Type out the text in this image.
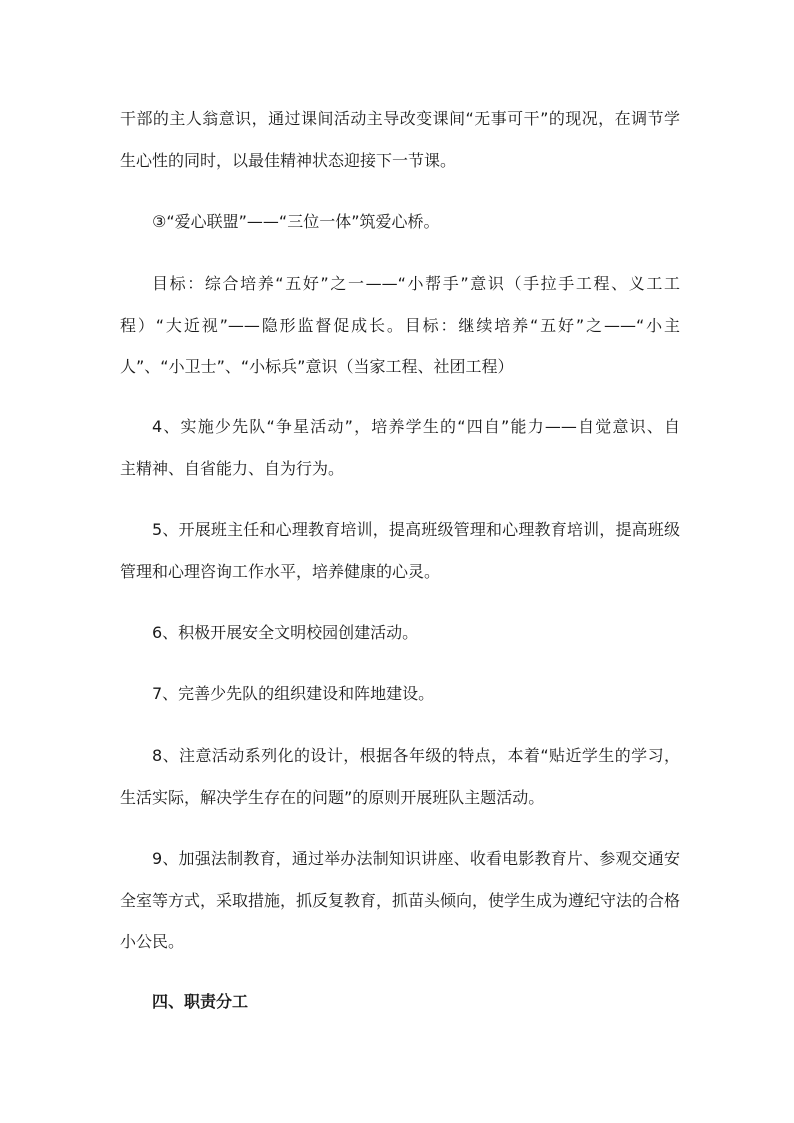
干部的主人翁意识，通过课间活动主导改变课间“无事可干”的现况，在调节学
生心性的同时，以最佳精神状态迎接下一节课。
③“爱心联盟”——“三位一体”筑爱心桥。
目标：综合培养“五好”之一——“小帮手”意识（手拉手工程、义工工
程）“大近视”——隐形监督促成长。目标：继续培养“五好”之——“小主
人”、“小卫士”、“小标兵”意识（当家工程、社团工程）
4、实施少先队“争星活动”，培养学生的“四自”能力——自觉意识、自
主精神、自省能力、自为行为。
5、开展班主任和心理教育培训，提高班级管理和心理教育培训，提高班级
管理和心理咨询工作水平，培养健康的心灵。
6、积极开展安全文明校园创建活动。
7、完善少先队的组织建设和阵地建设。
8、注意活动系列化的设计，根据各年级的特点，本着“贴近学生的学习，
生活实际，解决学生存在的问题”的原则开展班队主题活动。
9、加强法制教育，通过举办法制知识讲座、收看电影教育片、参观交通安
全室等方式，采取措施，抓反复教育，抓苗头倾向，使学生成为遵纪守法的合格
小公民。
四、职责分工
